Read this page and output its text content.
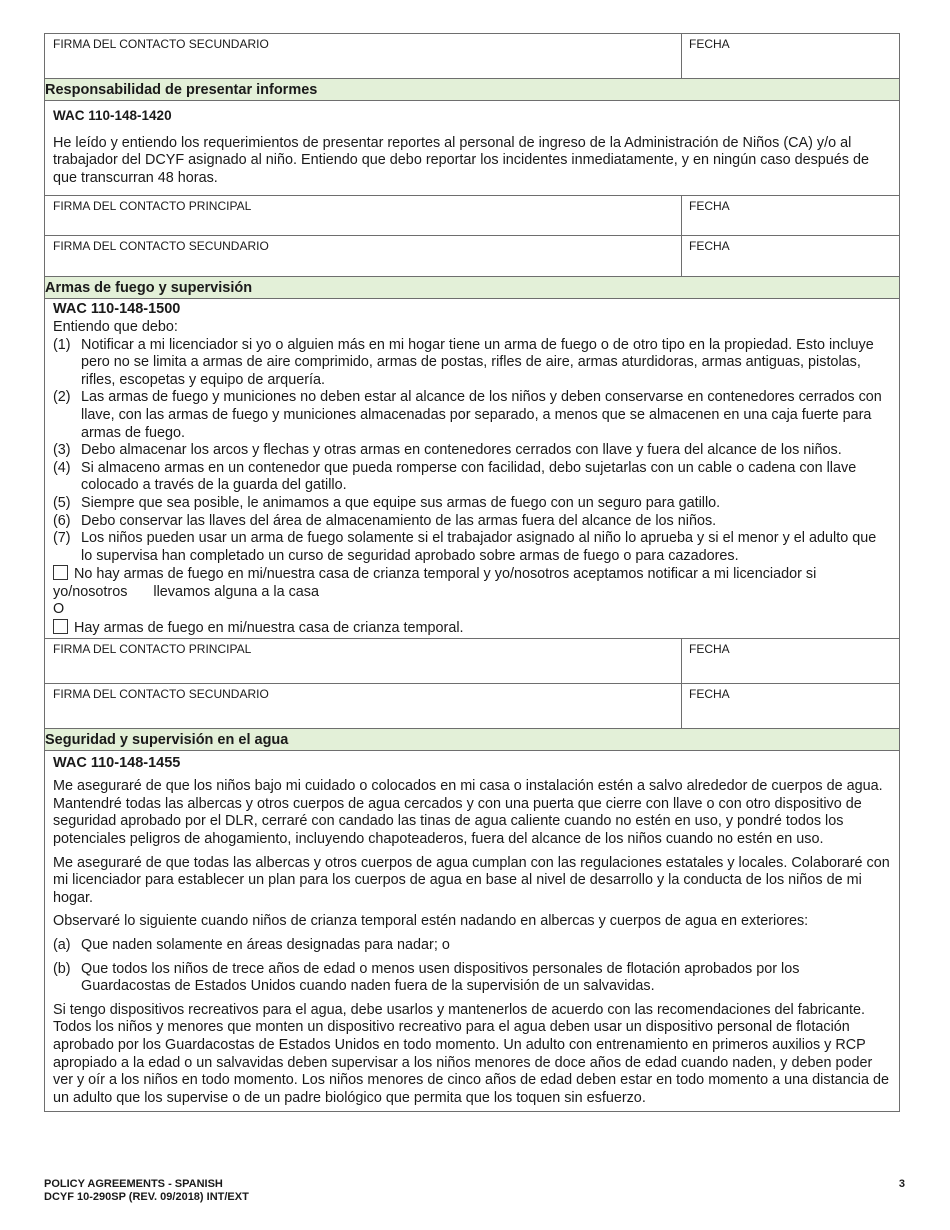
FIRMA DEL CONTACTO SECUNDARIO	FECHA
Responsabilidad de presentar informes
WAC 110-148-1420
He leído y entiendo los requerimientos de presentar reportes al personal de ingreso de la Administración de Niños (CA) y/o al trabajador del DCYF asignado al niño. Entiendo que debo reportar los incidentes inmediatamente, y en ningún caso después de que transcurran 48 horas.
FIRMA DEL CONTACTO PRINCIPAL	FECHA
FIRMA DEL CONTACTO SECUNDARIO	FECHA
Armas de fuego y supervisión
WAC 110-148-1500
Entiendo que debo:
(1) Notificar a mi licenciador si yo o alguien más en mi hogar tiene un arma de fuego o de otro tipo en la propiedad. Esto incluye pero no se limita a armas de aire comprimido, armas de postas, rifles de aire, armas aturdidoras, armas antiguas, pistolas, rifles, escopetas y equipo de arquería.
(2) Las armas de fuego y municiones no deben estar al alcance de los niños y deben conservarse en contenedores cerrados con llave, con las armas de fuego y municiones almacenadas por separado, a menos que se almacenen en una caja fuerte para armas de fuego.
(3) Debo almacenar los arcos y flechas y otras armas en contenedores cerrados con llave y fuera del alcance de los niños.
(4) Si almaceno armas en un contenedor que pueda romperse con facilidad, debo sujetarlas con un cable o cadena con llave colocado a través de la guarda del gatillo.
(5) Siempre que sea posible, le animamos a que equipe sus armas de fuego con un seguro para gatillo.
(6) Debo conservar las llaves del área de almacenamiento de las armas fuera del alcance de los niños.
(7) Los niños pueden usar un arma de fuego solamente si el trabajador asignado al niño lo aprueba y si el menor y el adulto que lo supervisa han completado un curso de seguridad aprobado sobre armas de fuego o para cazadores.
No hay armas de fuego en mi/nuestra casa de crianza temporal y yo/nosotros aceptamos notificar a mi licenciador si yo/nosotros llevamos alguna a la casa
O
Hay armas de fuego en mi/nuestra casa de crianza temporal.
FIRMA DEL CONTACTO PRINCIPAL	FECHA
FIRMA DEL CONTACTO SECUNDARIO	FECHA
Seguridad y supervisión en el agua
WAC 110-148-1455

Me aseguraré de que los niños bajo mi cuidado o colocados en mi casa o instalación estén a salvo alrededor de cuerpos de agua. Mantendré todas las albercas y otros cuerpos de agua cercados y con una puerta que cierre con llave o con otro dispositivo de seguridad aprobado por el DLR, cerraré con candado las tinas de agua caliente cuando no estén en uso, y pondré todos los potenciales peligros de ahogamiento, incluyendo chapoteaderos, fuera del alcance de los niños cuando no estén en uso.

Me aseguraré de que todas las albercas y otros cuerpos de agua cumplan con las regulaciones estatales y locales. Colaboraré con mi licenciador para establecer un plan para los cuerpos de agua en base al nivel de desarrollo y la conducta de los niños de mi hogar.

Observaré lo siguiente cuando niños de crianza temporal estén nadando en albercas y cuerpos de agua en exteriores:

(a) Que naden solamente en áreas designadas para nadar; o
(b) Que todos los niños de trece años de edad o menos usen dispositivos personales de flotación aprobados por los Guardacostas de Estados Unidos cuando naden fuera de la supervisión de un salvavidas.

Si tengo dispositivos recreativos para el agua, debe usarlos y mantenerlos de acuerdo con las recomendaciones del fabricante. Todos los niños y menores que monten un dispositivo recreativo para el agua deben usar un dispositivo personal de flotación aprobado por los Guardacostas de Estados Unidos en todo momento. Un adulto con entrenamiento en primeros auxilios y RCP apropiado a la edad o un salvavidas deben supervisar a los niños menores de doce años de edad cuando naden, y deben poder ver y oír a los niños en todo momento. Los niños menores de cinco años de edad deben estar en todo momento a una distancia de un adulto que los supervise o de un padre biológico que permita que los toquen sin esfuerzo.

POLICY AGREEMENTS - SPANISH
DCYF 10-290SP (REV. 09/2018) INT/EXT
3
